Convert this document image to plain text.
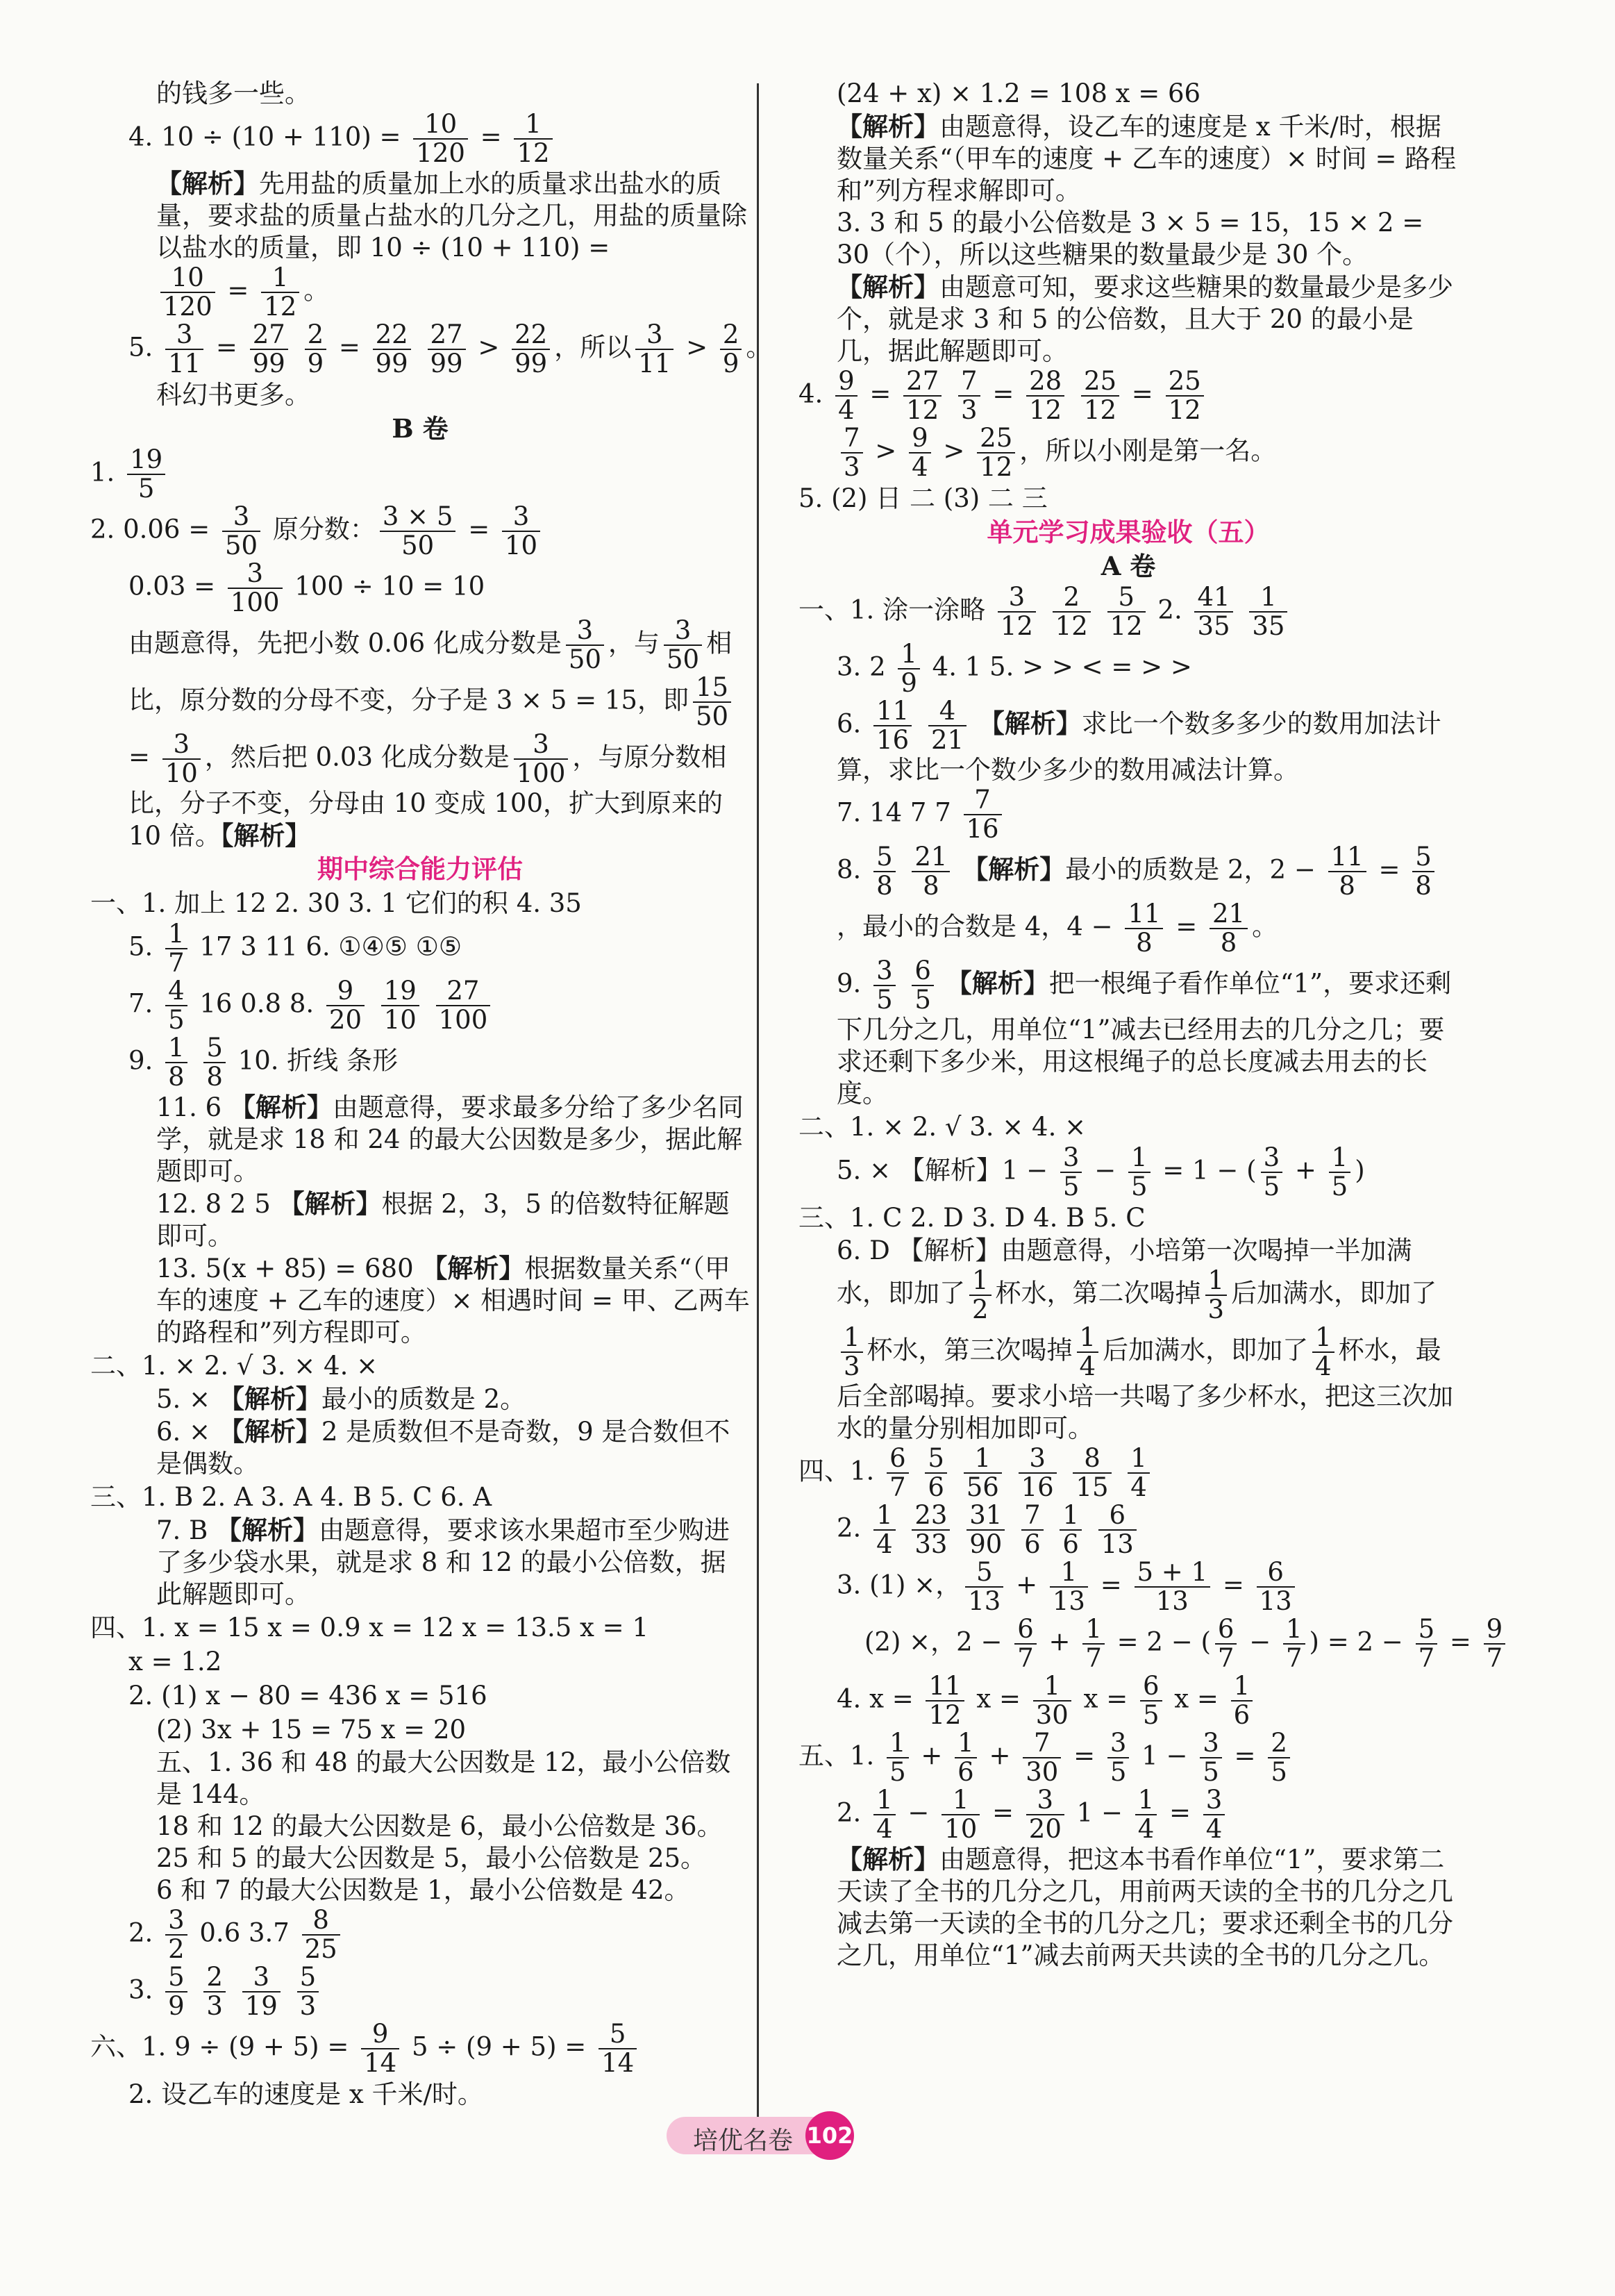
的钱多一些。
4. $10 \div (10 + 110) = \frac{10}{120} = \frac{1}{12}$
【解析】先用盐的质量加上水的质量求出盐水的质量，要求盐的质量占盐水的几分之几，用盐的质量除以盐水的质量，即 10 ÷ (10 + 110) =
$\frac{10}{120} = \frac{1}{12}$ 。
5. $\frac{3}{11} = \frac{27}{99}$
$\frac{2}{9} = \frac{22}{99}$
$\frac{27}{99} > \frac{22}{99}$ ，所以 $\frac{3}{11} > \frac{2}{9}$ 。
科幻书更多。
B 卷
1. $\frac{19}{5}$
2. $0.06 = \frac{3}{50}$ 原分数： $\frac{3 \times 5}{50} = \frac{3}{10}$
$0.03 = \frac{3}{100} 100 \div 10 = 10$
由题意得，先把小数 0.06 化成分数是 $\frac{3}{50}$ ，与 $\frac{3}{50}$ 相比，原分数的分母不变，分子是 3 × 5 = 15，即 $\frac{15}{50}$
= $\frac{3}{10}$ ，然后把 0.03 化成分数是 $\frac{3}{100}$ ，与原分数相比，分子不变，分母由 10 变成 100，扩大到原来的 10 倍。【解析】
期中综合能力评估
一、1. 加上 12 2. 30 3. 1 它们的积 4. 35
5. $\frac{1}{7} 17$ 3 11 6. ①④⑤ ①⑤
7. $\frac{4}{5} 16$ 0.8 8. $\frac{9}{20}$
$\frac{19}{10}$
$\frac{27}{100}$
9. $\frac{1}{8}$
$\frac{5}{8} 10$. 折线 条形
11. 6 【解析】由题意得，要求最多分给了多少名同学，就是求 18 和 24 的最大公因数是多少，据此解题即可。
12. 8 2 5 【解析】根据 2，3，5 的倍数特征解题即可。
13. 5(x + 85) = 680 【解析】根据数量关系“（甲车的速度 + 乙车的速度）× 相遇时间 = 甲、乙两车的路程和”列方程即可。
二、1. × 2. √ 3. × 4. ×
5. × 【解析】最小的质数是 2。
6. × 【解析】2 是质数但不是奇数，9 是合数但不是偶数。
三、1. B 2. A 3. A 4. B 5. C 6. A
7. B 【解析】由题意得，要求该水果超市至少购进了多少袋水果，就是求 8 和 12 的最小公倍数，据此解题即可。
四、1. x = 15 x = 0.9 x = 12 x = 13.5 x = 1
x = 1.2
2. (1) x − 80 = 436 x = 516
(2) 3x + 15 = 75 x = 20
五、1. 36 和 48 的最大公因数是 12，最小公倍数是 144。
18 和 12 的最大公因数是 6，最小公倍数是 36。
25 和 5 的最大公因数是 5，最小公倍数是 25。
6 和 7 的最大公因数是 1，最小公倍数是 42。
2. $\frac{3}{2} 0.6$ $3.7 \frac{8}{25}$
3. $\frac{5}{9}$
$\frac{2}{3}$
$\frac{3}{19}$
$\frac{5}{3}$
六、1. $9 \div (9 + 5) = \frac{9}{14} 5 \div (9 + 5) = \frac{5}{14}$
2. 设乙车的速度是 x 千米/时。
(24 + x) × 1.2 = 108 x = 66
【解析】由题意得，设乙车的速度是 x 千米/时，根据数量关系“（甲车的速度 + 乙车的速度）× 时间 = 路程和”列方程求解即可。
3. 3 和 5 的最小公倍数是 3 × 5 = 15，15 × 2 = 30（个），所以这些糖果的数量最少是 30 个。
【解析】由题意可知，要求这些糖果的数量最少是多少个，就是求 3 和 5 的公倍数，且大于 20 的最小是几，据此解题即可。
4. $\frac{9}{4} = \frac{27}{12}$
$\frac{7}{3} = \frac{28}{12}$
$\frac{25}{12} = \frac{25}{12}$
$\frac{7}{3} > \frac{9}{4} > \frac{25}{12}$ ，所以小刚是第一名。
5. (2) 日 二 (3) 二 三
单元学习成果验收（五）
A 卷
一、1. 涂一涂略 $\frac{3}{12}$
$\frac{2}{12}$
$\frac{5}{12} 2$. $\frac{41}{35}$
$\frac{1}{35}$
3. $2 \frac{1}{9} 4$. 1 5. > > < = > >
6. $\frac{11}{16}$
$\frac{4}{21}$ 【解析】求比一个数多多少的数用加法计算，求比一个数少多少的数用减法计算。
7. 14 7 $7 \frac{7}{16}$
8. $\frac{5}{8}$
$\frac{21}{8}$ 【解析】最小的质数是 2，$2 - \frac{11}{8} = \frac{5}{8}$
，最小的合数是 4，$4 - \frac{11}{8} = \frac{21}{8}$ 。
9. $\frac{3}{5}$
$\frac{6}{5}$ 【解析】把一根绳子看作单位“1”，要求还剩下几分之几，用单位“1”减去已经用去的几分之几；要求还剩下多少米，用这根绳子的总长度减去用去的长度。
二、1. × 2. √ 3. × 4. ×
5. × 【解析】$1 - \frac{3}{5} - \frac{1}{5} = 1$ − ( $\frac{3}{5} + \frac{1}{5}$ )
三、1. C 2. D 3. D 4. B 5. C
6. D 【解析】由题意得，小培第一次喝掉一半加满水，即加了 $\frac{1}{2}$ 杯水，第二次喝掉 $\frac{1}{3}$ 后加满水，即加了
$\frac{1}{3}$ 杯水，第三次喝掉 $\frac{1}{4}$ 后加满水，即加了 $\frac{1}{4}$ 杯水，最后全部喝掉。要求小培一共喝了多少杯水，把这三次加水的量分别相加即可。
四、1. $\frac{6}{7}$
$\frac{5}{6}$
$\frac{1}{56}$
$\frac{3}{16}$
$\frac{8}{15}$
$\frac{1}{4}$
2. $\frac{1}{4}$
$\frac{23}{33}$
$\frac{31}{90}$
$\frac{7}{6}$
$\frac{1}{6}$
$\frac{6}{13}$
3. (1) ×， $\frac{5}{13} + \frac{1}{13} = \frac{5 + 1}{13} = \frac{6}{13}$
(2) ×，$2 - \frac{6}{7} + \frac{1}{7} = 2$ − ( $\frac{6}{7} - \frac{1}{7}$ ) = $2 - \frac{5}{7} = \frac{9}{7}$
4. $x = \frac{11}{12}$ $x = \frac{1}{30}$ $x = \frac{6}{5}$ $x = \frac{1}{6}$
五、1. $\frac{1}{5} + \frac{1}{6} + \frac{7}{30} = \frac{3}{5} 1 - \frac{3}{5} = \frac{2}{5}$
2. $\frac{1}{4} - \frac{1}{10} = \frac{3}{20} 1 - \frac{1}{4} = \frac{3}{4}$
【解析】由题意得，把这本书看作单位“1”，要求第二天读了全书的几分之几，用前两天读的全书的几分之几减去第一天读的全书的几分之几；要求还剩全书的几分之几，用单位“1”减去前两天共读的全书的几分之几。
培优名卷 102
